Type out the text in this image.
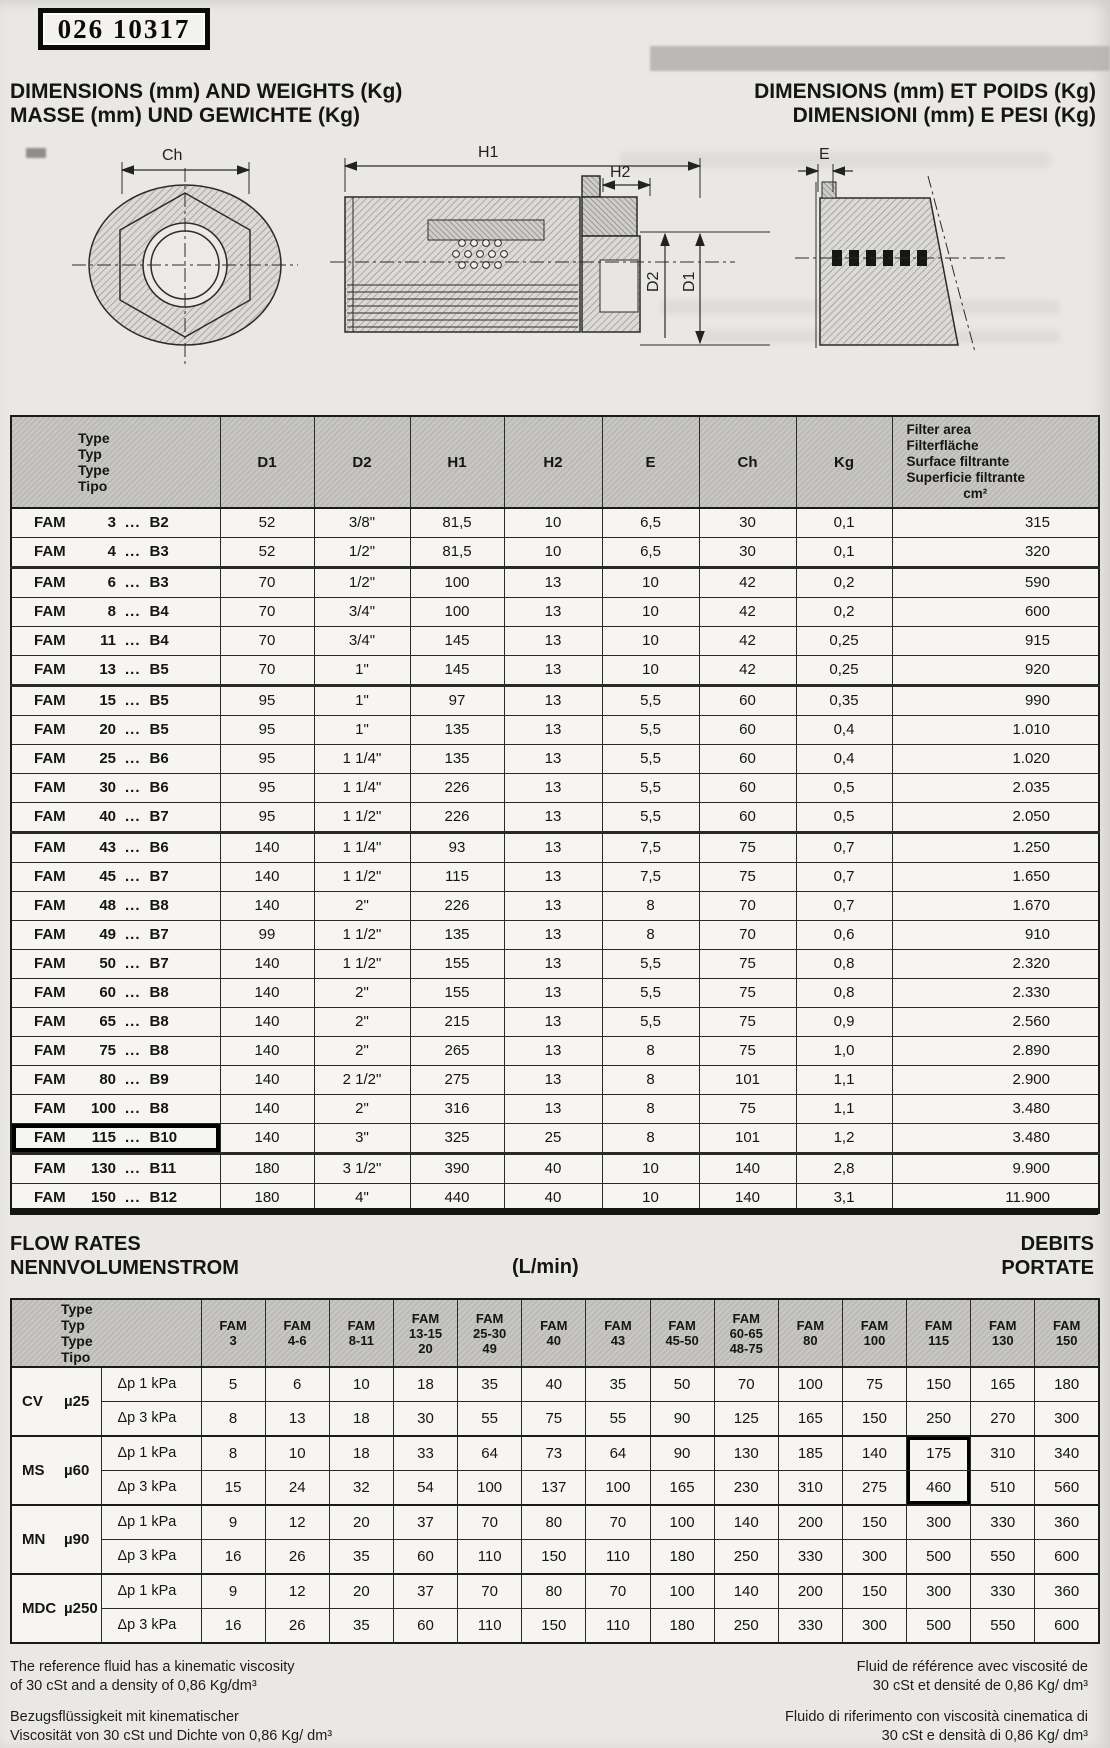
026 10317
DIMENSIONS (mm) AND WEIGHTS (Kg)
MASSE (mm) UND GEWICHTE (Kg)
DIMENSIONS (mm) ET POIDS (Kg)
DIMENSIONI (mm) E PESI (Kg)
Ch	H1
H2
D2 D1
E
Type
Typ
Type
Tipo
	D1	D2	H1	H2	E	Ch	Kg	
Filter area
Filterfläche
Surface filtrante
Superficie filtrante
cm²

FAM 3 ... B2	52	3/8"	81,5	10	6,5	30	0,1	315
FAM 4 ... B3	52	1/2"	81,5	10	6,5	30	0,1	320
FAM 6 ... B3	70	1/2"	100	13	10	42	0,2	590
FAM 8 ... B4	70	3/4"	100	13	10	42	0,2	600
FAM 11 ... B4	70	3/4"	145	13	10	42	0,25	915
FAM 13 ... B5	70	1"	145	13	10	42	0,25	920
FAM 15 ... B5	95	1"	97	13	5,5	60	0,35	990
FAM 20 ... B5	95	1"	135	13	5,5	60	0,4	1.010
FAM 25 ... B6	95	1 1/4"	135	13	5,5	60	0,4	1.020
FAM 30 ... B6	95	1 1/4"	226	13	5,5	60	0,5	2.035
FAM 40 ... B7	95	1 1/2"	226	13	5,5	60	0,5	2.050
FAM 43 ... B6	140	1 1/4"	93	13	7,5	75	0,7	1.250
FAM 45 ... B7	140	1 1/2"	115	13	7,5	75	0,7	1.650
FAM 48 ... B8	140	2"	226	13	8	70	0,7	1.670
FAM 49 ... B7	99	1 1/2"	135	13	8	70	0,6	910
FAM 50 ... B7	140	1 1/2"	155	13	5,5	75	0,8	2.320
FAM 60 ... B8	140	2"	155	13	5,5	75	0,8	2.330
FAM 65 ... B8	140	2"	215	13	5,5	75	0,9	2.560
FAM 75 ... B8	140	2"	265	13	8	75	1,0	2.890
FAM 80 ... B9	140	2 1/2"	275	13	8	101	1,1	2.900
FAM 100 ... B8	140	2"	316	13	8	75	1,1	3.480
FAM 115 ... B10	140	3"	325	25	8	101	1,2	3.480
FAM 130 ... B11	180	3 1/2"	390	40	10	140	2,8	9.900
FAM 150 ... B12	180	4"	440	40	10	140	3,1	11.900
FLOW RATES
NENNVOLUMENSTROM	(L/min)
DEBITS
PORTATE
Type
Typ
Type
Tipo

FAM
3

FAM
4-6

FAM
8-11

FAM
13-15
20

FAM
25-30
49

FAM
40

FAM
43

FAM
45-50

FAM
60-65
48-75

FAM
80

FAM
100

FAM
115

FAM
130

FAM
150

CV µ25	Δp 1 kPa	5	6	10	18	35	40	35	50	70	100	75	150	165	180
	Δp 3 kPa	8	13	18	30	55	75	55	90	125	165	150	250	270	300
MS µ60	Δp 1 kPa	8	10	18	33	64	73	64	90	130	185	140	175	310	340
	Δp 3 kPa	15	24	32	54	100	137	100	165	230	310	275	460	510	560
MN µ90	Δp 1 kPa	9	12	20	37	70	80	70	100	140	200	150	300	330	360
	Δp 3 kPa	16	26	35	60	110	150	110	180	250	330	300	500	550	600
MDC µ250	Δp 1 kPa	9	12	20	37	70	80	70	100	140	200	150	300	330	360
	Δp 3 kPa	16	26	35	60	110	150	110	180	250	330	300	500	550	600
The reference fluid has a kinematic viscosity
of 30 cSt and a density of 0,86 Kg/dm³
Fluid de référence avec viscosité de
30 cSt et densité de 0,86 Kg/ dm³
Bezugsflüssigkeit mit kinematischer
Viscosität von 30 cSt und Dichte von 0,86 Kg/ dm³
Fluido di riferimento con viscosità cinematica di
30 cSt e densità di 0,86 Kg/ dm³
